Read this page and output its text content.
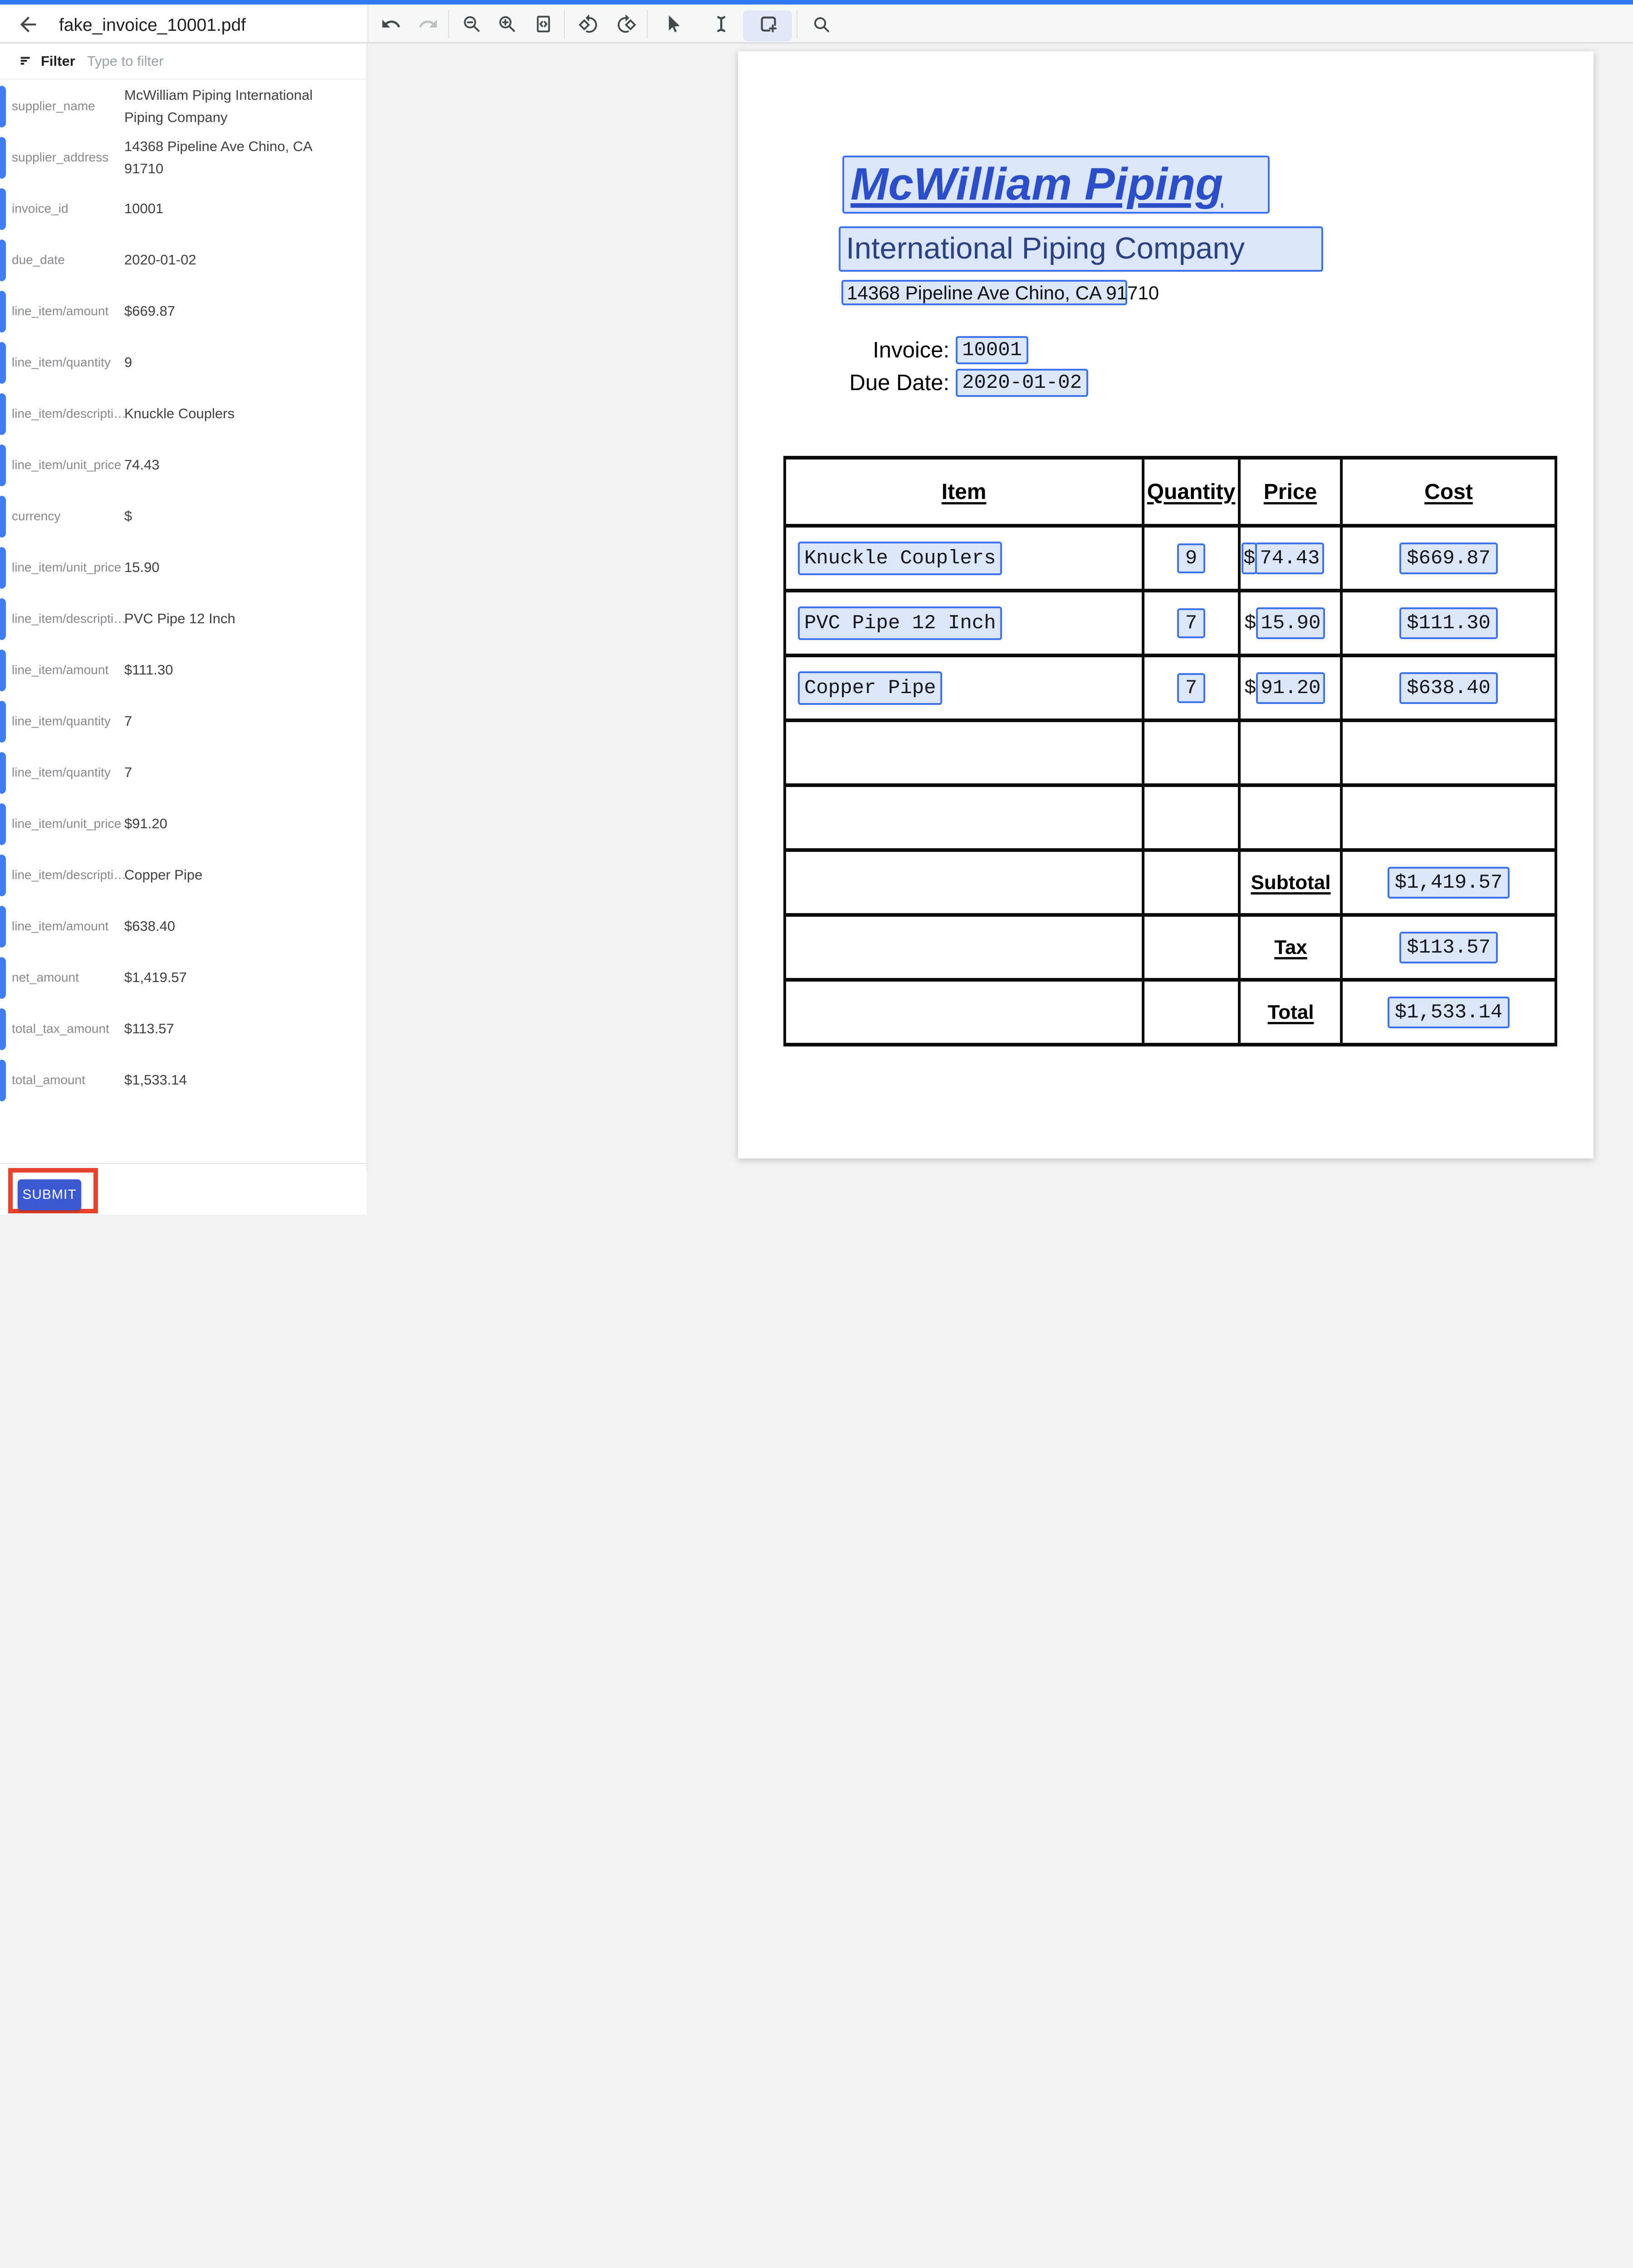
fake_invoice_10001.pdf
Filter
Type to filter
supplier_name
McWilliam Piping International Piping Company
supplier_address
14368 Pipeline Ave Chino, CA 91710
invoice_id	10001
due_date	2020-01-02
line_item/amount	$669.87
line_item/quantity 9
line_item/descripti…
Knuckle Couplers
line_item/unit_price 74.43
currency	$
line_item/unit_price 15.90
line_item/descripti…
PVC Pipe 12 Inch
line_item/amount	$111.30
line_item/quantity 7
line_item/quantity 7
line_item/unit_price $91.20
line_item/descripti…
Copper Pipe
line_item/amount	$638.40
net_amount	$1,419.57
total_tax_amount	$113.57
total_amount	$1,533.14
SUBMIT
McWilliam Piping
International Piping Company
14368 Pipeline Ave Chino, CA 91710
Invoice: 10001
Due Date: 2020-01-02
Item	Quantity	Price	Cost
Knuckle Couplers	9	$ 74.43	$669.87
PVC Pipe 12 Inch	7	$ 15.90	$111.30
Copper Pipe	7	$ 91.20	$638.40

		Subtotal	$1,419.57

		Tax	$113.57

		Total	$1,533.14
